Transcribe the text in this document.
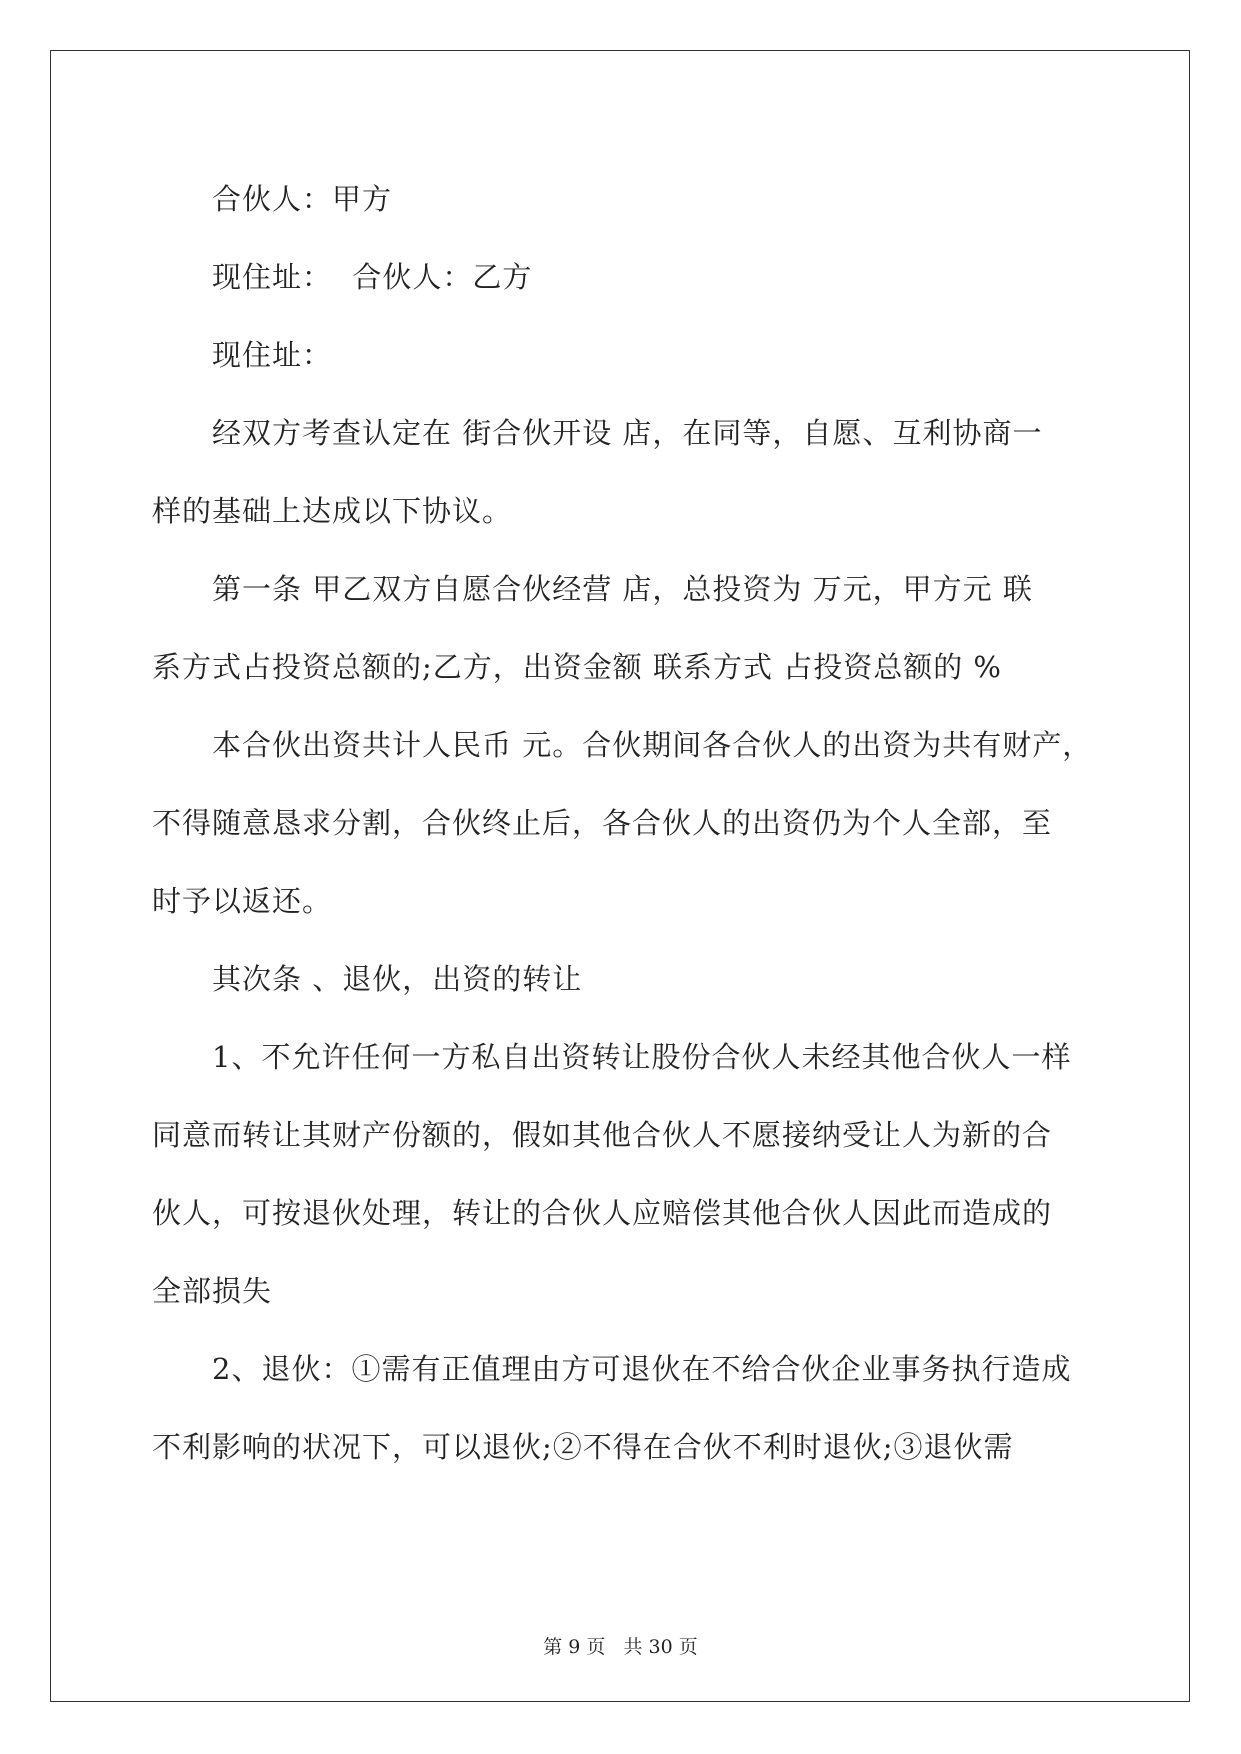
合伙人：甲方
现住址：  合伙人：乙方
现住址：
经双方考查认定在 街合伙开设 店，在同等，自愿、互利协商一
样的基础上达成以下协议。
第一条 甲乙双方自愿合伙经营 店，总投资为 万元，甲方元 联
系方式占投资总额的;乙方，出资金额 联系方式 占投资总额的 %
本合伙出资共计人民币 元。合伙期间各合伙人的出资为共有财产，
不得随意恳求分割，合伙终止后，各合伙人的出资仍为个人全部，至
时予以返还。
其次条 、退伙，出资的转让
1、不允许任何一方私自出资转让股份合伙人未经其他合伙人一样
同意而转让其财产份额的，假如其他合伙人不愿接纳受让人为新的合
伙人，可按退伙处理，转让的合伙人应赔偿其他合伙人因此而造成的
全部损失
2、退伙：①需有正值理由方可退伙在不给合伙企业事务执行造成
不利影响的状况下，可以退伙;②不得在合伙不利时退伙;③退伙需
第 9 页   共 30 页
